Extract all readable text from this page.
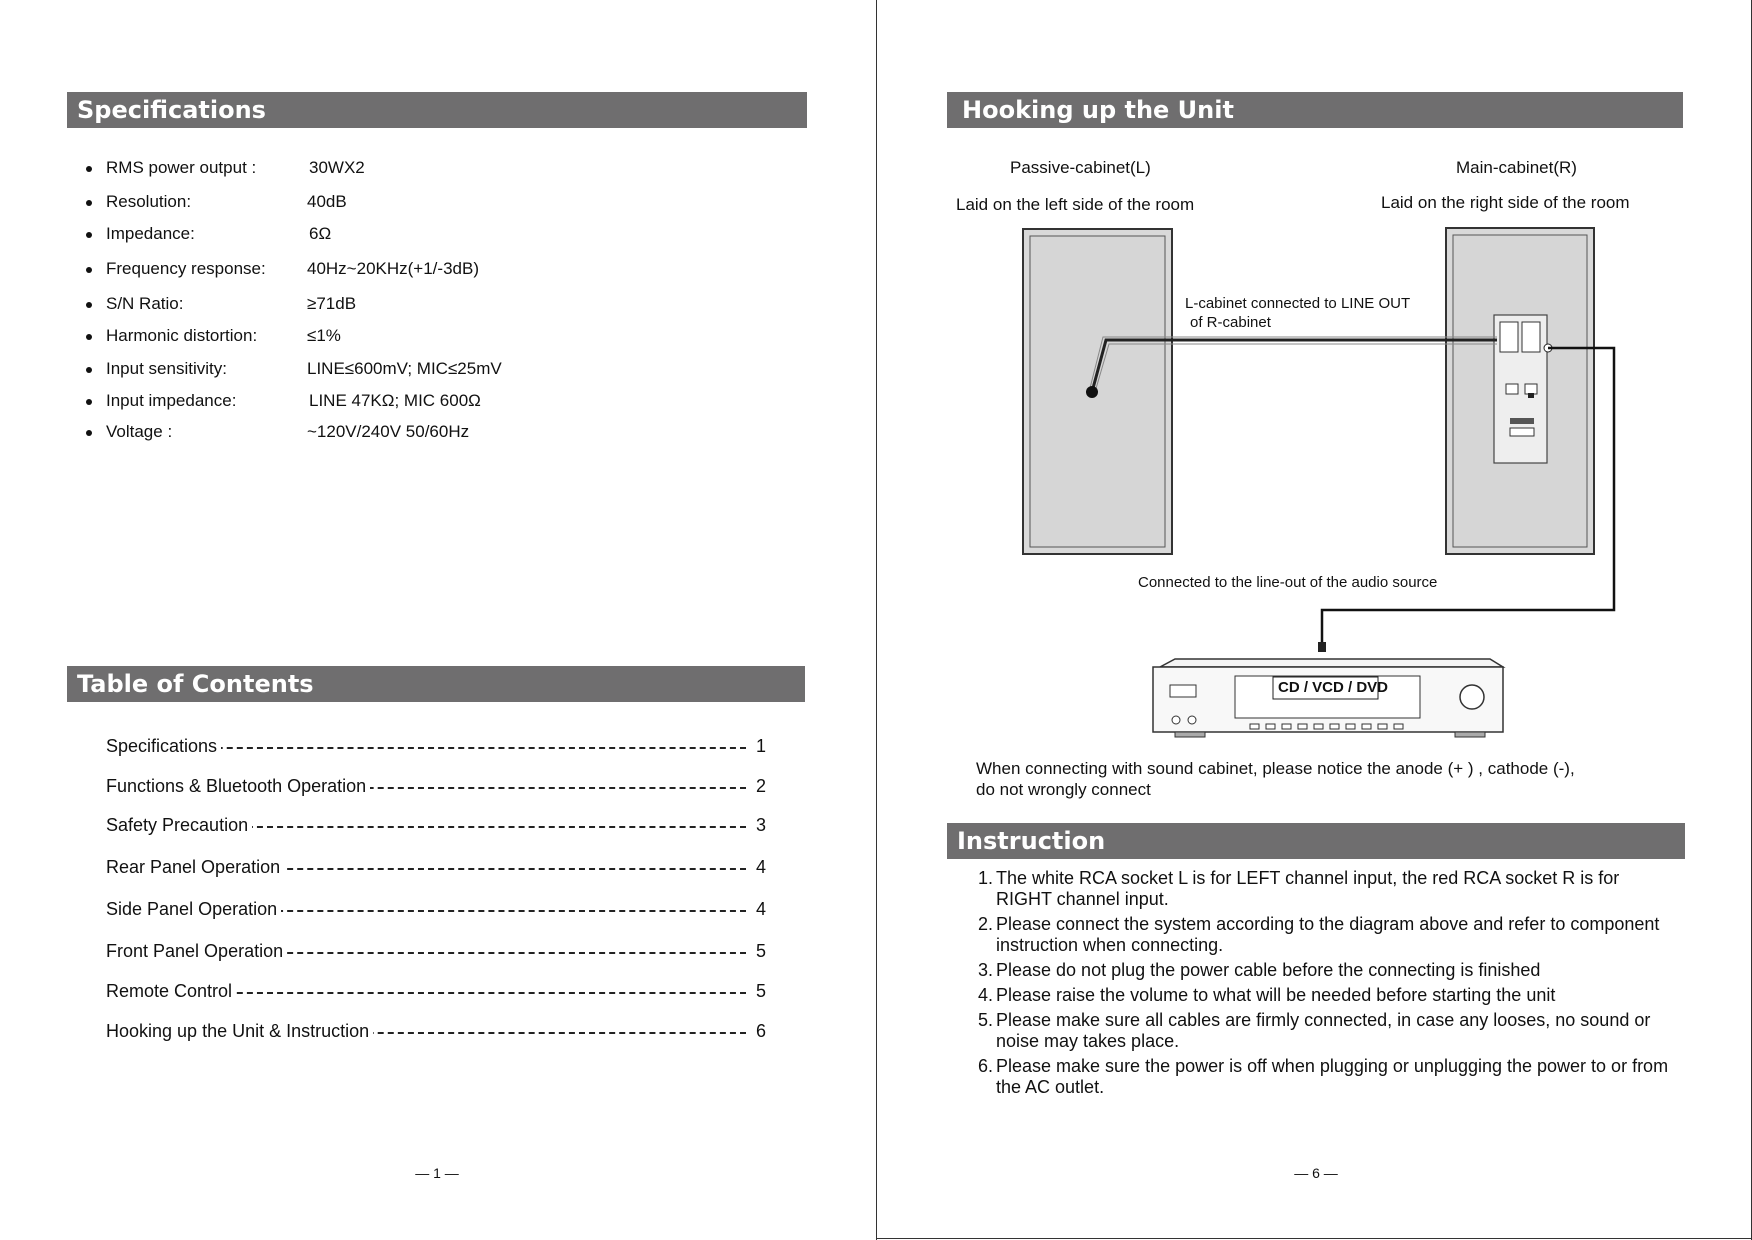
Specifications
RMS power output :	30WX2
Resolution:	40dB
Impedance:	6Ω
Frequency response: 40Hz~20KHz(+1/-3dB)
S/N Ratio:	≥71dB
Harmonic distortion:	≤1%
Input sensitivity:	LINE≤600mV; MIC≤25mV
Input impedance:	LINE 47KΩ; MIC 600Ω
Voltage :	~120V/240V 50/60Hz
Table of Contents
Specifications	1
Functions & Bluetooth Operation	2
Safety Precaution	3
Rear Panel Operation	4
Side Panel Operation	4
Front Panel Operation	5
Remote Control	5
Hooking up the Unit & Instruction	6
— 1 —
Hooking up the Unit
Passive-cabinet(L)
Laid on the left side of the room
Main-cabinet(R)
Laid on the right side of the room
L-cabinet connected to LINE OUT
of R-cabinet
Connected to the line-out of the audio source
CD / VCD / DVD
When connecting with sound cabinet, please notice the anode (+ ) , cathode (-),
do not wrongly connect
Instruction
1. The white RCA socket L is for LEFT channel input, the red RCA socket R is for RIGHT channel input.
2. Please connect the system according to the diagram above and refer to component instruction when connecting.
3. Please do not plug the power cable before the connecting is finished
4. Please raise the volume to what will be needed before starting the unit
5. Please make sure all cables are firmly connected, in case any looses, no sound or noise may takes place.
6. Please make sure the power is off when plugging or unplugging the power to or from the AC outlet.
— 6 —
